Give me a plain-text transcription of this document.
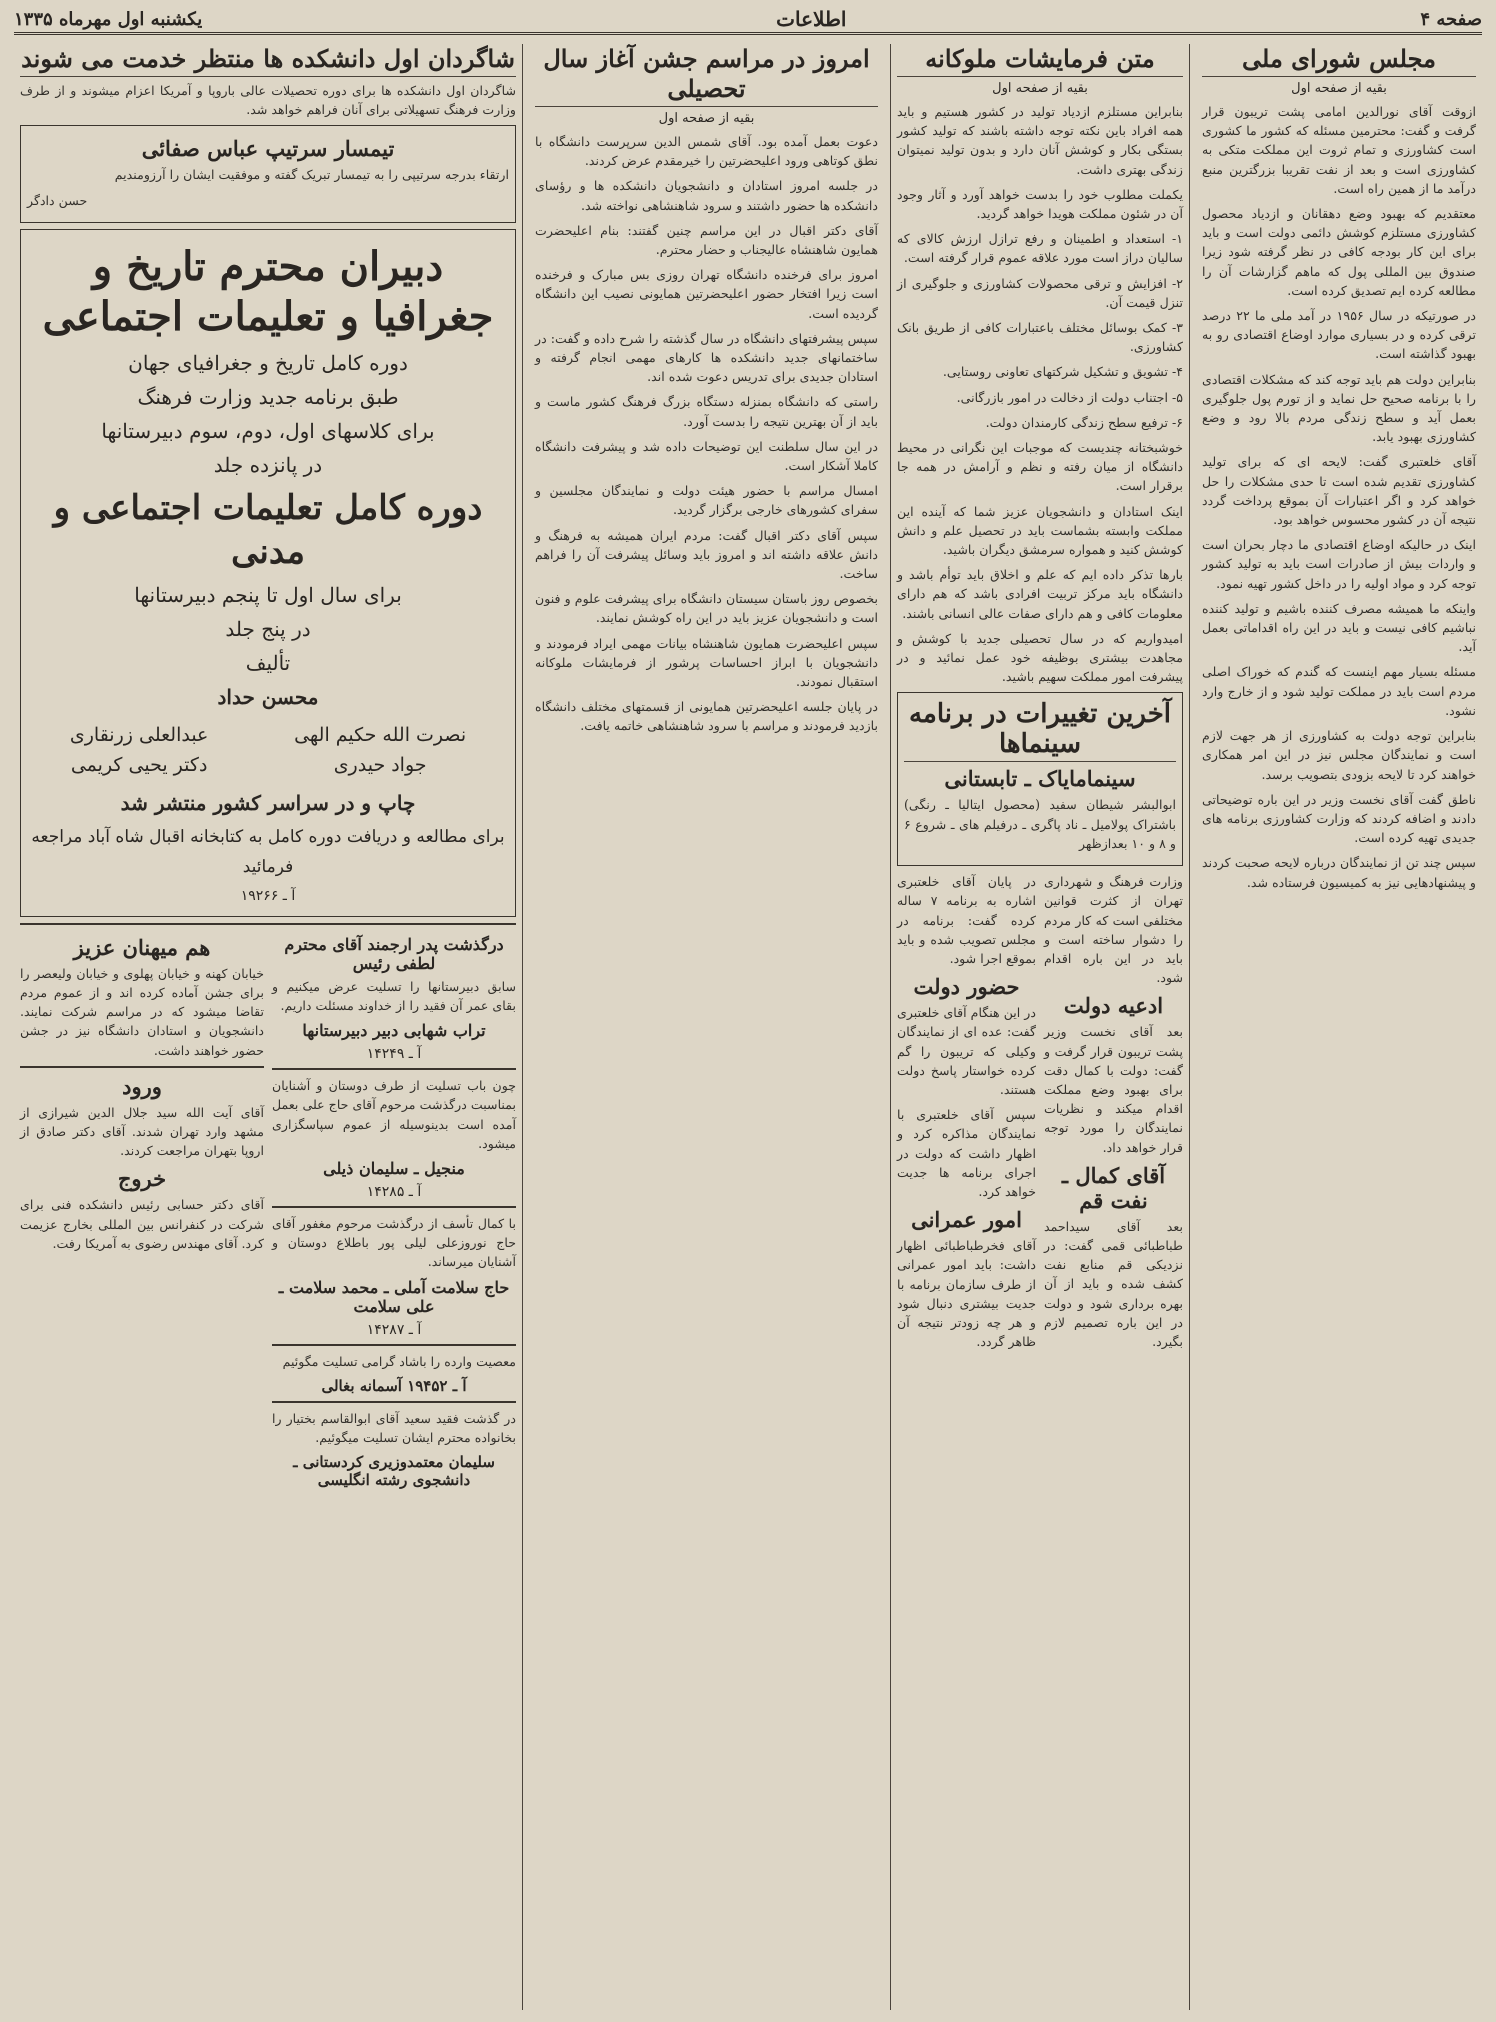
صفحه ۴
اطلاعات
یکشنبه اول مهرماه ۱۳۳۵
مجلس شورای ملی
بقیه از صفحه اول

ازوقت آقای نورالدین امامی پشت تریبون قرار گرفت و گفت: محترمین مسئله که کشور ما کشوری است کشاورزی و تمام ثروت این مملکت متکی به کشاورزی است و بعد از نفت تقریبا بزرگترین منبع درآمد ما از همین راه است.

معتقدیم که بهبود وضع دهقانان و ازدیاد محصول کشاورزی مستلزم کوشش دائمی دولت است و باید برای این کار بودجه کافی در نظر گرفته شود زیرا صندوق بین المللی پول که ماهم گزارشات آن را مطالعه کرده ایم تصدیق کرده است.

در صورتیکه در سال ۱۹۵۶ در آمد ملی ما ۲۲ درصد ترقی کرده و در بسیاری موارد اوضاع اقتصادی رو به بهبود گذاشته است.

بنابراین دولت هم باید توجه کند که مشکلات اقتصادی را با برنامه صحیح حل نماید و از تورم پول جلوگیری بعمل آید و سطح زندگی مردم بالا رود و وضع کشاورزی بهبود یابد.

آقای خلعتبری گفت: لایحه ای که برای تولید کشاورزی تقدیم شده است تا حدی مشکلات را حل خواهد کرد و اگر اعتبارات آن بموقع پرداخت گردد نتیجه آن در کشور محسوس خواهد بود.

اینک در حالیکه اوضاع اقتصادی ما دچار بحران است و واردات بیش از صادرات است باید به تولید کشور توجه کرد و مواد اولیه را در داخل کشور تهیه نمود.

واینکه ما همیشه مصرف کننده باشیم و تولید کننده نباشیم کافی نیست و باید در این راه اقداماتی بعمل آید.

مسئله بسیار مهم اینست که گندم که خوراک اصلی مردم است باید در مملکت تولید شود و از خارج وارد نشود.

بنابراین توجه دولت به کشاورزی از هر جهت لازم است و نمایندگان مجلس نیز در این امر همکاری خواهند کرد تا لایحه بزودی بتصویب برسد.

ناطق گفت آقای نخست وزیر در این باره توضیحاتی دادند و اضافه کردند که وزارت کشاورزی برنامه های جدیدی تهیه کرده است.

سپس چند تن از نمایندگان درباره لایحه صحبت کردند و پیشنهادهایی نیز به کمیسیون فرستاده شد.

متن فرمایشات ملوکانه
بقیه از صفحه اول

بنابراین مستلزم ازدیاد تولید در کشور هستیم و باید همه افراد باین نکته توجه داشته باشند که تولید کشور بستگی بکار و کوشش آنان دارد و بدون تولید نمیتوان زندگی بهتری داشت.

یکملت مطلوب خود را بدست خواهد آورد و آثار وجود آن در شئون مملکت هویدا خواهد گردید.

۱- استعداد و اطمینان و رفع ترازل ارزش کالای که سالیان دراز است مورد علاقه عموم قرار گرفته است.

۲- افزایش و ترقی محصولات کشاورزی و جلوگیری از تنزل قیمت آن.

۳- کمک بوسائل مختلف باعتبارات کافی از طریق بانک کشاورزی.

۴- تشویق و تشکیل شرکتهای تعاونی روستایی.

۵- اجتناب دولت از دخالت در امور بازرگانی.

۶- ترفیع سطح زندگی کارمندان دولت.

خوشبختانه چندیست که موجبات این نگرانی در محیط دانشگاه از میان رفته و نظم و آرامش در همه جا برقرار است.

اینک استادان و دانشجویان عزیز شما که آینده این مملکت وابسته بشماست باید در تحصیل علم و دانش کوشش کنید و همواره سرمشق دیگران باشید.

بارها تذکر داده ایم که علم و اخلاق باید توأم باشد و دانشگاه باید مرکز تربیت افرادی باشد که هم دارای معلومات کافی و هم دارای صفات عالی انسانی باشند.

امیدواریم که در سال تحصیلی جدید با کوشش و مجاهدت بیشتری بوظیفه خود عمل نمائید و در پیشرفت امور مملکت سهیم باشید.

آخرین تغییرات در برنامه سینماها
سینمامایاک ـ تابستانی

ابوالبشر شیطان سفید (محصول ایتالیا ـ رنگی) باشتراک پولامیل ـ ناد پاگری ـ درفیلم های ـ شروع ۶ و ۸ و ۱۰ بعدازظهر

وزارت فرهنگ و شهرداری تهران از کثرت قوانین مختلفی است که کار مردم را دشوار ساخته است و باید در این باره اقدام شود.

ادعیه دولت

بعد آقای نخست وزیر پشت تریبون قرار گرفت و گفت: دولت با کمال دقت برای بهبود وضع مملکت اقدام میکند و نظریات نمایندگان را مورد توجه قرار خواهد داد.

آقای کمال ـ نفت قم

بعد آقای سیداحمد طباطبائی قمی گفت: در نزدیکی قم منابع نفت کشف شده و باید از آن بهره برداری شود و دولت در این باره تصمیم لازم بگیرد.

در پایان آقای خلعتبری اشاره به برنامه ۷ ساله کرده گفت: برنامه در مجلس تصویب شده و باید بموقع اجرا شود.

حضور دولت

در این هنگام آقای خلعتبری گفت: عده ای از نمایندگان وکیلی که تریبون را گم کرده خواستار پاسخ دولت هستند.

سپس آقای خلعتبری با نمایندگان مذاکره کرد و اظهار داشت که دولت در اجرای برنامه ها جدیت خواهد کرد.

امور عمرانی

آقای فخرطباطبائی اظهار داشت: باید امور عمرانی از طرف سازمان برنامه با جدیت بیشتری دنبال شود و هر چه زودتر نتیجه آن ظاهر گردد.

امروز در مراسم جشن آغاز سال تحصیلی
بقیه از صفحه اول

دعوت بعمل آمده بود. آقای شمس الدین سرپرست دانشگاه با نطق کوتاهی ورود اعلیحضرتین را خیرمقدم عرض کردند.

در جلسه امروز استادان و دانشجویان دانشکده ها و رؤسای دانشکده ها حضور داشتند و سرود شاهنشاهی نواخته شد.

آقای دکتر اقبال در این مراسم چنین گفتند: بنام اعلیحضرت همایون شاهنشاه عالیجناب و حضار محترم.

امروز برای فرخنده دانشگاه تهران روزی بس مبارک و فرخنده است زیرا افتخار حضور اعلیحضرتین همایونی نصیب این دانشگاه گردیده است.

سپس پیشرفتهای دانشگاه در سال گذشته را شرح داده و گفت: در ساختمانهای جدید دانشکده ها کارهای مهمی انجام گرفته و استادان جدیدی برای تدریس دعوت شده اند.

راستی که دانشگاه بمنزله دستگاه بزرگ فرهنگ کشور ماست و باید از آن بهترین نتیجه را بدست آورد.

در این سال سلطنت این توضیحات داده شد و پیشرفت دانشگاه کاملا آشکار است.

امسال مراسم با حضور هیئت دولت و نمایندگان مجلسین و سفرای کشورهای خارجی برگزار گردید.

سپس آقای دکتر اقبال گفت: مردم ایران همیشه به فرهنگ و دانش علاقه داشته اند و امروز باید وسائل پیشرفت آن را فراهم ساخت.

بخصوص روز باستان سیستان دانشگاه برای پیشرفت علوم و فنون است و دانشجویان عزیز باید در این راه کوشش نمایند.

سپس اعلیحضرت همایون شاهنشاه بیانات مهمی ایراد فرمودند و دانشجویان با ابراز احساسات پرشور از فرمایشات ملوکانه استقبال نمودند.

در پایان جلسه اعلیحضرتین همایونی از قسمتهای مختلف دانشگاه بازدید فرمودند و مراسم با سرود شاهنشاهی خاتمه یافت.

شاگردان اول دانشکده ها منتظر خدمت می شوند

شاگردان اول دانشکده ها برای دوره تحصیلات عالی باروپا و آمریکا اعزام میشوند و از طرف وزارت فرهنگ تسهیلاتی برای آنان فراهم خواهد شد.

تیمسار سرتیپ عباس صفائی

ارتقاء بدرجه سرتیپی را به تیمسار تبریک گفته و موفقیت ایشان را آرزومندیم

حسن دادگر
دبیران محترم تاریخ و جغرافیا و تعلیمات اجتماعی
دوره کامل تاریخ و جغرافیای جهان
طبق برنامه جدید وزارت فرهنگ
برای کلاسهای اول، دوم، سوم دبیرستانها
در پانزده جلد
دوره کامل تعلیمات اجتماعی و مدنی
برای سال اول تا پنجم دبیرستانها
در پنج جلد
تألیف
محسن حداد
نصرت الله حکیم الهی
جواد حیدری
عبدالعلی زرنقاری
دکتر یحیی کریمی
چاپ و در سراسر کشور منتشر شد
برای مطالعه و دریافت دوره کامل به کتابخانه اقبال شاه آباد مراجعه فرمائید
آ ـ ۱۹۲۶۶
درگذشت پدر ارجمند آقای محترم لطفی رئیس

سابق دبیرستانها را تسلیت عرض میکنیم و بقای عمر آن فقید را از خداوند مسئلت داریم.

تراب شهابی دبیر دبیرستانها
آ ـ ۱۴۲۴۹

چون باب تسلیت از طرف دوستان و آشنایان بمناسبت درگذشت مرحوم آقای حاج علی بعمل آمده است بدینوسیله از عموم سپاسگزاری میشود.

منجیل ـ سلیمان ذیلی
آ ـ ۱۴۲۸۵

با کمال تأسف از درگذشت مرحوم مغفور آقای حاج نوروزعلی لیلی پور باطلاع دوستان و آشنایان میرساند.

حاج سلامت آملی ـ محمد سلامت ـ علی سلامت
آ ـ ۱۴۲۸۷

معصیت وارده را باشاد گرامی تسلیت مگوئیم

آ ـ ۱۹۴۵۲ آسمانه بغالی

در گذشت فقید سعید آقای ابوالقاسم بختیار را بخانواده محترم ایشان تسلیت میگوئیم.

سلیمان معتمدوزیری کردستانی ـ دانشجوی رشته انگلیسی
هم میهنان عزیز

خیابان کهنه و خیابان پهلوی و خیابان ولیعصر را برای جشن آماده کرده اند و از عموم مردم تقاضا میشود که در مراسم شرکت نمایند. دانشجویان و استادان دانشگاه نیز در جشن حضور خواهند داشت.

ورود

آقای آیت الله سید جلال الدین شیرازی از مشهد وارد تهران شدند. آقای دکتر صادق از اروپا بتهران مراجعت کردند.

خروج

آقای دکتر حسابی رئیس دانشکده فنی برای شرکت در کنفرانس بین المللی بخارج عزیمت کرد. آقای مهندس رضوی به آمریکا رفت.
